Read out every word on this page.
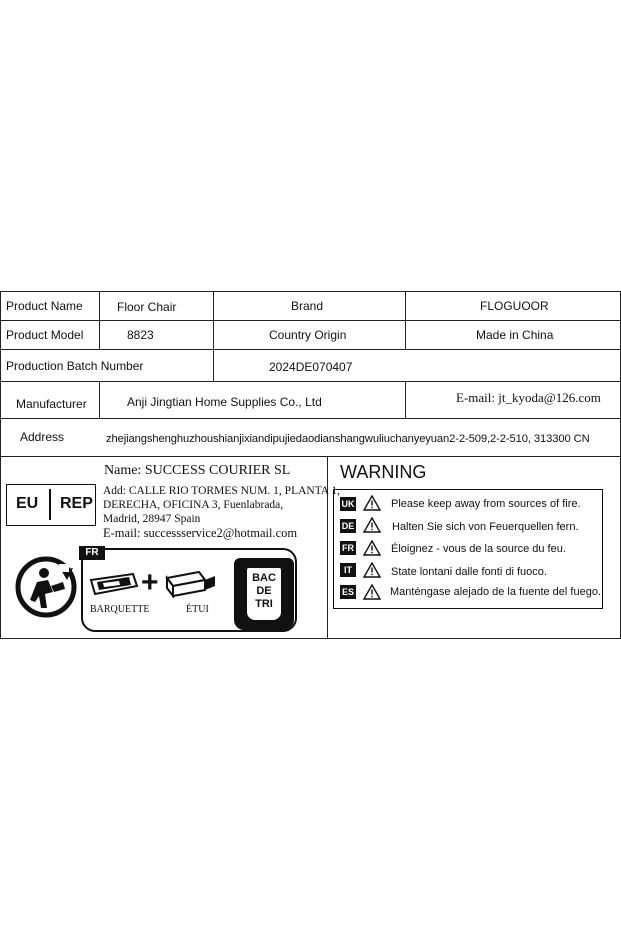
Product Name	Floor Chair	Brand	FLOGUOOR
Product Model	8823	Country Origin	Made in China
Production Batch Number	2024DE070407
Manufacturer	Anji Jingtian Home Supplies Co., Ltd	E-mail: jt_kyoda@126.com
Address	zhejiangshenghuzhoushianjixiandipujiedaodianshangwuliuchanyeyuan2-2-509,2-2-510, 313300 CN
EU REP
Name: SUCCESS COURIER SL
Add: CALLE RIO TORMES NUM. 1, PLANTA 1,
DERECHA, OFICINA 3, Fuenlabrada,
Madrid, 28947 Spain
E-mail: successservice2@hotmail.com
FR
+
BARQUETTE	ÉTUI
BAC
DE
TRI
WARNING
UK	Please keep away from sources of fire.
DE	Halten Sie sich von Feuerquellen fern.
FR	Éloignez - vous de la source du feu.
IT	State lontani dalle fonti di fuoco.
ES	Manténgase alejado de la fuente del fuego.
